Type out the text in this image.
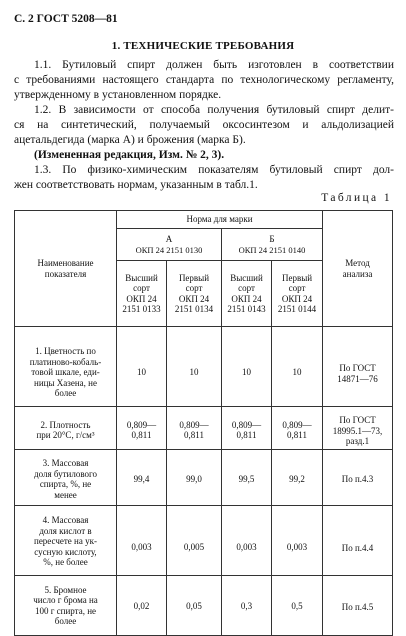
С. 2 ГОСТ 5208—81
1. ТЕХНИЧЕСКИЕ ТРЕБОВАНИЯ
1.1. Бутиловый спирт должен быть изготовлен в соответствии
с требованиями настоящего стандарта по технологическому регламенту,
утвержденному в установленном порядке.
1.2. В зависимости от способа получения бутиловый спирт делит-
ся на синтетический, получаемый оксосинтезом и альдолизацией
ацетальдегида (марка А) и брожения (марка Б).
(Измененная редакция, Изм. № 2, 3).
1.3. По физико-химическим показателям бутиловый спирт дол-
жен соответствовать нормам, указанным в табл.1.
Таблица 1
Наименование
показателя	Норма для марки				Метод
анализа

	А
ОКП 24 2151 0130		Б
ОКП 24 2151 0140		

	Высший
сорт
ОКП 24
2151 0133	Первый
сорт
ОКП 24
2151 0134	Высший
сорт
ОКП 24
2151 0143	Первый
сорт
ОКП 24
2151 0144	

1. Цветность по
платиново-кобаль-
товой шкале, еди-
ницы Хазена, не
более	10	10	10	10	По ГОСТ
14871—76

2. Плотность
при 20°С, г/см³	0,809—
0,811	0,809—
0,811	0,809—
0,811	0,809—
0,811	По ГОСТ
18995.1—73,
разд.1

3. Массовая
доля бутилового
спирта, %, не
менее	99,4	99,0	99,5	99,2	По п.4.3

4. Массовая
доля кислот в
пересчете на ук-
сусную кислоту,
%, не более	0,003	0,005	0,003	0,003	По п.4.4

5. Бромное
число г брома на
100 г спирта, не
более	0,02	0,05	0,3	0,5	По п.4.5
